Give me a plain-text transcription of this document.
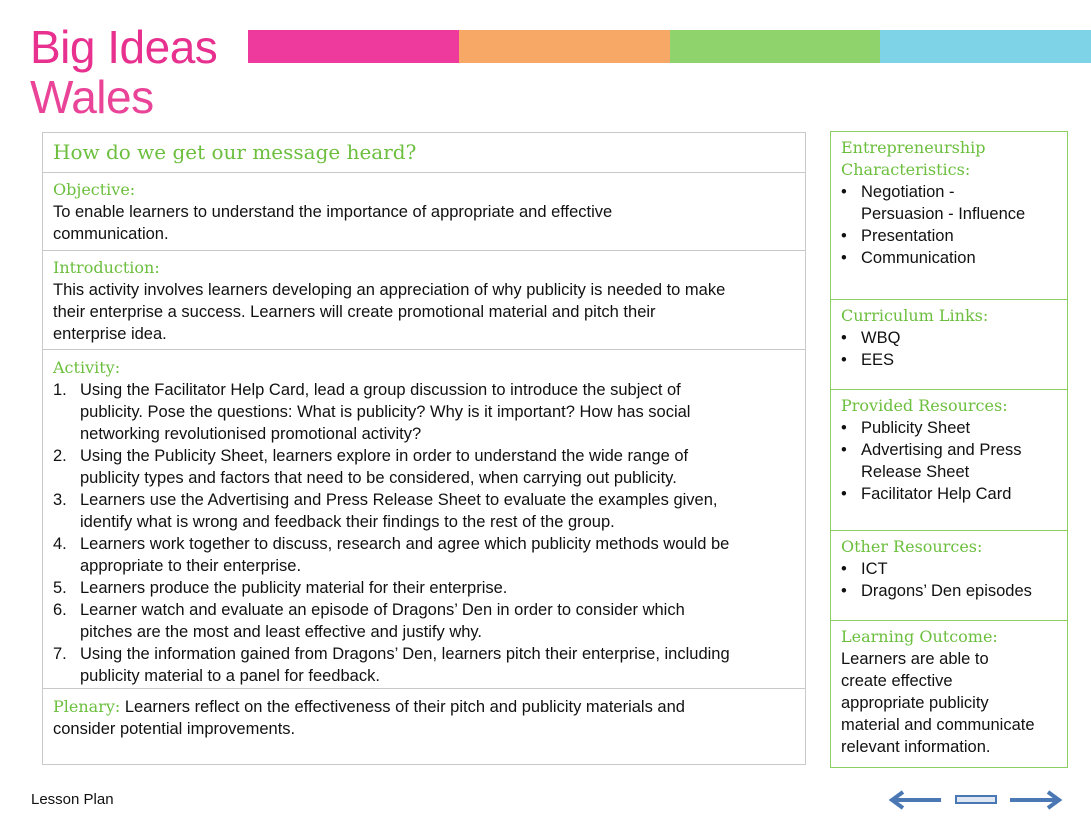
Big Ideas
Wales
How do we get our message heard?
Objective:
To enable learners to understand the importance of appropriate and effective
communication.
Introduction:
This activity involves learners developing an appreciation of why publicity is needed to make
their enterprise a success. Learners will create promotional material and pitch their
enterprise idea.
Activity:
1. Using the Facilitator Help Card, lead a group discussion to introduce the subject of
publicity. Pose the questions: What is publicity? Why is it important? How has social
networking revolutionised promotional activity?
2. Using the Publicity Sheet, learners explore in order to understand the wide range of
publicity types and factors that need to be considered, when carrying out publicity.
3. Learners use the Advertising and Press Release Sheet to evaluate the examples given,
identify what is wrong and feedback their findings to the rest of the group.
4. Learners work together to discuss, research and agree which publicity methods would be
appropriate to their enterprise.
5. Learners produce the publicity material for their enterprise.
6. Learner watch and evaluate an episode of Dragons’ Den in order to consider which
pitches are the most and least effective and justify why.
7. Using the information gained from Dragons’ Den, learners pitch their enterprise, including
publicity material to a panel for feedback.
Plenary: Learners reflect on the effectiveness of their pitch and publicity materials and
consider potential improvements.
Entrepreneurship
Characteristics:
• Negotiation -
Persuasion - Influence
• Presentation
• Communication
Curriculum Links:
• WBQ
• EES
Provided Resources:
• Publicity Sheet
• Advertising and Press
Release Sheet
• Facilitator Help Card
Other Resources:
• ICT
• Dragons’ Den episodes
Learning Outcome:
Learners are able to
create effective
appropriate publicity
material and communicate
relevant information.
Lesson Plan
